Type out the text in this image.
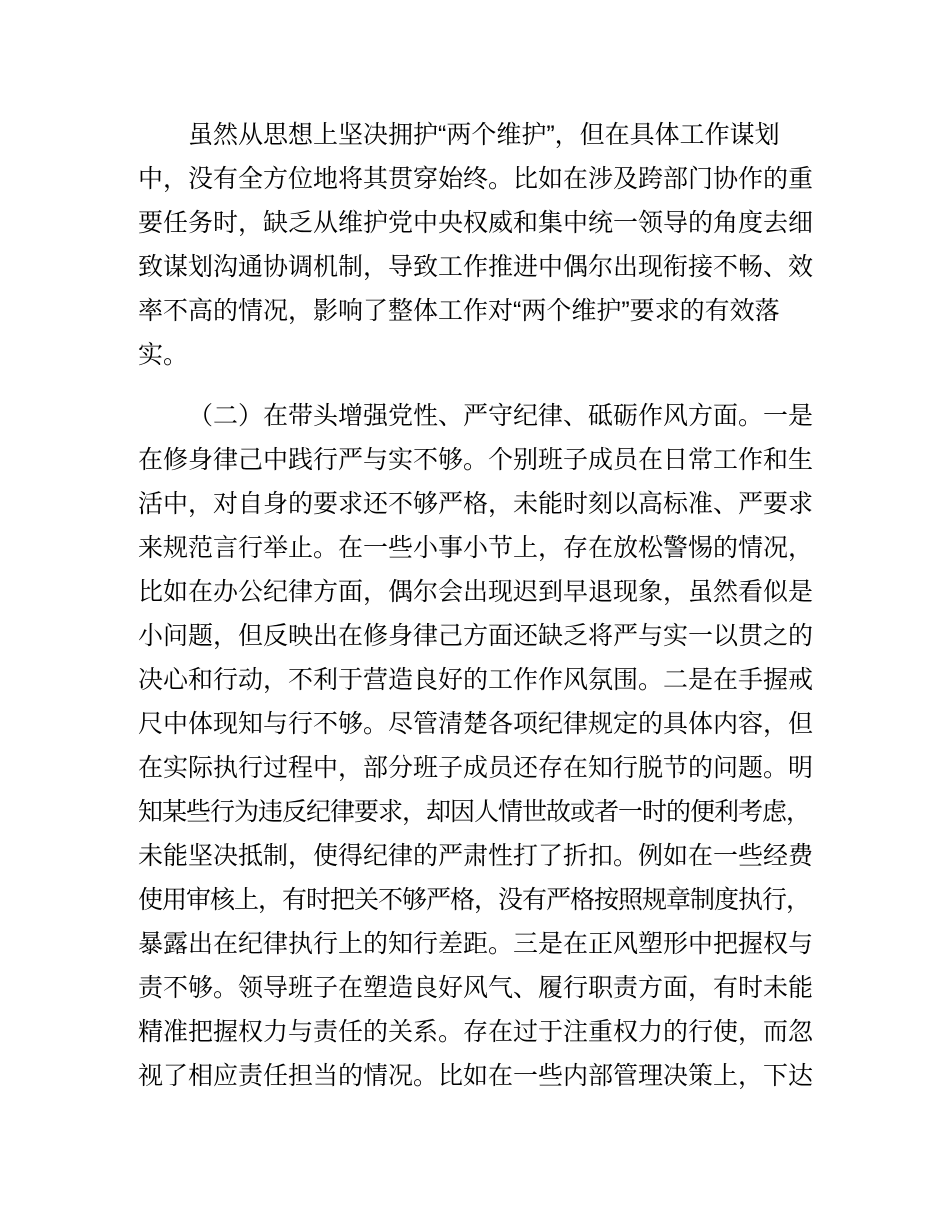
虽然从思想上坚决拥护“两个维护”，但在具体工作谋划
中，没有全方位地将其贯穿始终。比如在涉及跨部门协作的重
要任务时，缺乏从维护党中央权威和集中统一领导的角度去细
致谋划沟通协调机制，导致工作推进中偶尔出现衔接不畅、效
率不高的情况，影响了整体工作对“两个维护”要求的有效落
实。
（二）在带头增强党性、严守纪律、砥砺作风方面。一是
在修身律己中践行严与实不够。个别班子成员在日常工作和生
活中，对自身的要求还不够严格，未能时刻以高标准、严要求
来规范言行举止。在一些小事小节上，存在放松警惕的情况，
比如在办公纪律方面，偶尔会出现迟到早退现象，虽然看似是
小问题，但反映出在修身律己方面还缺乏将严与实一以贯之的
决心和行动，不利于营造良好的工作作风氛围。二是在手握戒
尺中体现知与行不够。尽管清楚各项纪律规定的具体内容，但
在实际执行过程中，部分班子成员还存在知行脱节的问题。明
知某些行为违反纪律要求，却因人情世故或者一时的便利考虑，
未能坚决抵制，使得纪律的严肃性打了折扣。例如在一些经费
使用审核上，有时把关不够严格，没有严格按照规章制度执行，
暴露出在纪律执行上的知行差距。三是在正风塑形中把握权与
责不够。领导班子在塑造良好风气、履行职责方面，有时未能
精准把握权力与责任的关系。存在过于注重权力的行使，而忽
视了相应责任担当的情况。比如在一些内部管理决策上，下达
